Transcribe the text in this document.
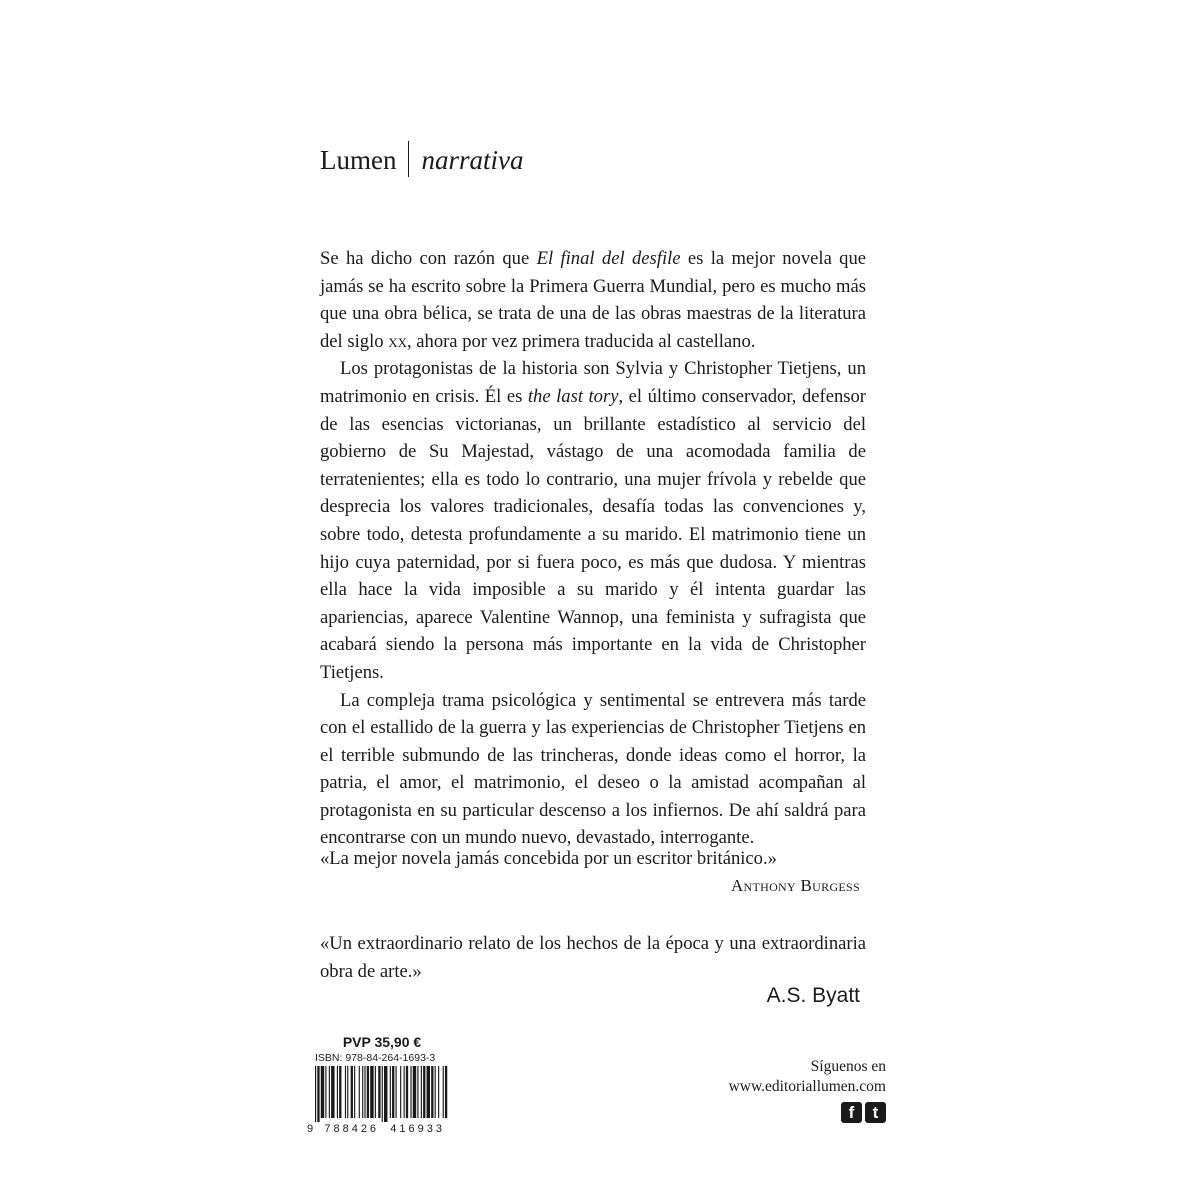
Lumen narrativa

Se ha dicho con razón que El final del desfile es la mejor novela que jamás se ha escrito sobre la Primera Guerra Mundial, pero es mucho más que una obra bélica, se trata de una de las obras maestras de la literatura del siglo xx, ahora por vez primera traducida al castellano.

Los protagonistas de la historia son Sylvia y Christopher Tietjens, un matrimonio en crisis. Él es the last tory, el último conservador, defensor de las esencias victorianas, un brillante estadístico al servicio del gobierno de Su Majestad, vástago de una acomodada familia de terratenientes; ella es todo lo contrario, una mujer frívola y rebelde que desprecia los valores tradicionales, desafía todas las convenciones y, sobre todo, detesta profundamente a su marido. El matrimonio tiene un hijo cuya paternidad, por si fuera poco, es más que dudosa. Y mientras ella hace la vida imposible a su marido y él intenta guardar las apariencias, aparece Valentine Wannop, una feminista y sufragista que acabará siendo la persona más importante en la vida de Christopher Tietjens.

La compleja trama psicológica y sentimental se entrevera más tarde con el estallido de la guerra y las experiencias de Christopher Tietjens en el terrible submundo de las trincheras, donde ideas como el horror, la patria, el amor, el matrimonio, el deseo o la amistad acompañan al protagonista en su particular descenso a los infiernos. De ahí saldrá para encontrarse con un mundo nuevo, devastado, interrogante.

«La mejor novela jamás concebida por un escritor británico.»
Anthony Burgess
«Un extraordinario relato de los hechos de la época y una extraordinaria obra de arte.»
A.S. Byatt
PVP 35,90 €
ISBN: 978-84-264-1693-3
9 788426 416933
Síguenos en
www.editoriallumen.com
f	t
